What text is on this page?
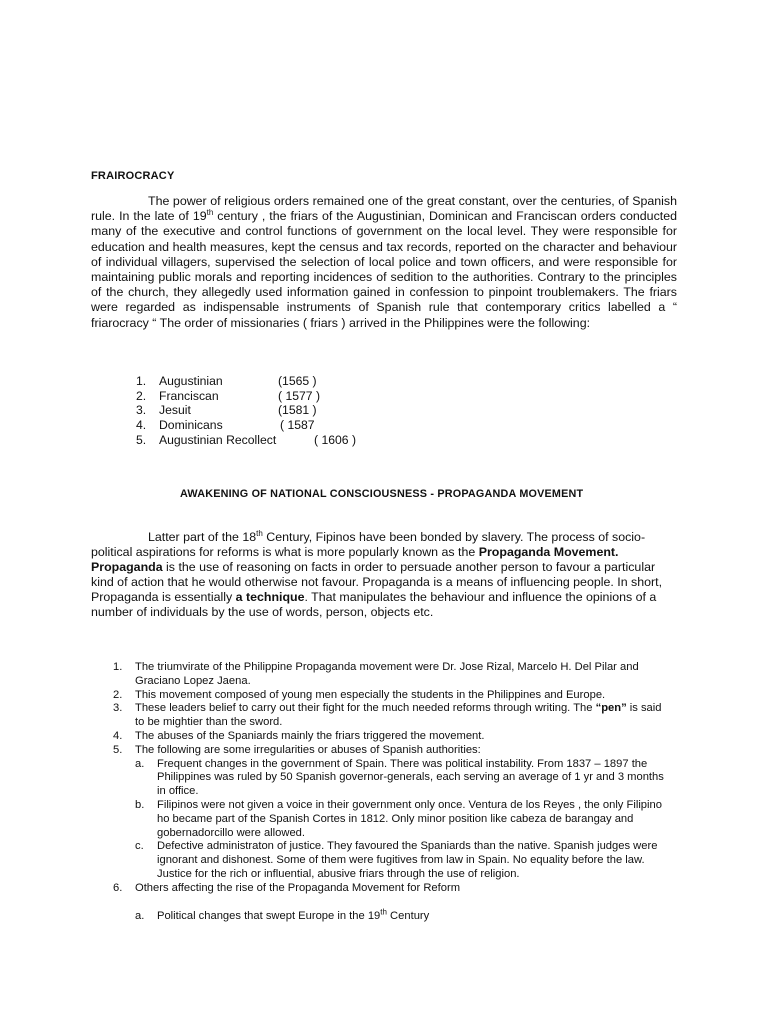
FRAIROCRACY

The power of religious orders remained one of the great constant, over the centuries, of Spanish rule. In the late of 19th century , the friars of the Augustinian, Dominican and Franciscan orders conducted many of the executive and control functions of government on the local level. They were responsible for education and health measures, kept the census and tax records, reported on the character and behaviour of individual villagers, supervised the selection of local police and town officers, and were responsible for maintaining public morals and reporting incidences of sedition to the authorities. Contrary to the principles of the church, they allegedly used information gained in confession to pinpoint troublemakers. The friars were regarded as indispensable instruments of Spanish rule that contemporary critics labelled a “ friarocracy “ The order of missionaries ( friars ) arrived in the Philippines were the following:

1. Augustinian	(1565 )
2. Franciscan	( 1577 )
3. Jesuit	(1581 )
4. Dominicans	( 1587
5. Augustinian Recollect	( 1606 )
AWAKENING OF NATIONAL CONSCIOUSNESS - PROPAGANDA MOVEMENT

Latter part of the 18th Century, Fipinos have been bonded by slavery. The process of socio-political aspirations for reforms is what is more popularly known as the Propaganda Movement.
Propaganda is the use of reasoning on facts in order to persuade another person to favour a particular kind of action that he would otherwise not favour. Propaganda is a means of influencing people. In short, Propaganda is essentially a technique. That manipulates the behaviour and influence the opinions of a number of individuals by the use of words, person, objects etc.

1. The triumvirate of the Philippine Propaganda movement were Dr. Jose Rizal, Marcelo H. Del Pilar and Graciano Lopez Jaena.
2. This movement composed of young men especially the students in the Philippines and Europe.
3. These leaders belief to carry out their fight for the much needed reforms through writing. The “pen” is said to be mightier than the sword.
4. The abuses of the Spaniards mainly the friars triggered the movement.
5. The following are some irregularities or abuses of Spanish authorities:
a. Frequent changes in the government of Spain. There was political instability. From 1837 – 1897 the Philippines was ruled by 50 Spanish governor-generals, each serving an average of 1 yr and 3 months in office.
b. Filipinos were not given a voice in their government only once. Ventura de los Reyes , the only Filipino ho became part of the Spanish Cortes in 1812. Only minor position like cabeza de barangay and gobernadorcillo were allowed.
c. Defective administraton of justice. They favoured the Spaniards than the native. Spanish judges were ignorant and dishonest. Some of them were fugitives from law in Spain. No equality before the law. Justice for the rich or influential, abusive friars through the use of religion.
6. Others affecting the rise of the Propaganda Movement for Reform
a. Political changes that swept Europe in the 19th Century
